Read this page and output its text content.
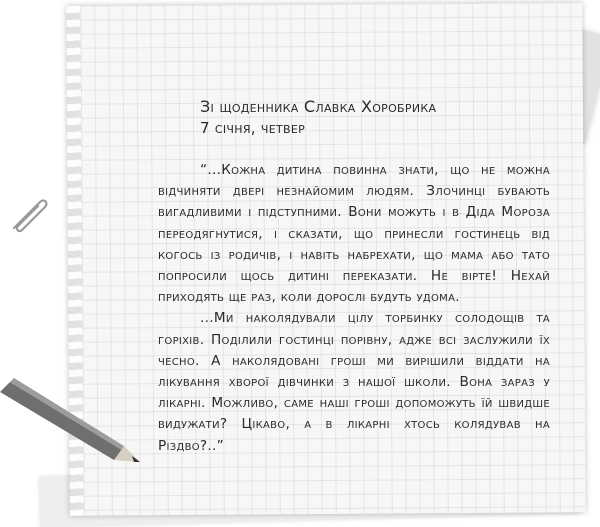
Зі щоденника Славка Хоробрика
7 січня, четвер

“...Кожна дитина повинна знати, що не можна відчиняти двері незнайомим людям. Злочинці бувають вигадливими і підступними. Вони можуть і в Діда Мороза переодягнутися, і сказати, що принесли гостинець від когось із родичів, і навіть набрехати, що мама або тато попросили щось дитині переказати. Не вірте! Нехай приходять ще раз, коли дорослі будуть удома.

...Ми наколядували цілу торбинку солодощів та горіхів. Поділили гостинці порівну, адже всі заслужили їх чесно. А наколядовані гроші ми вирішили віддати на лікування хворої дівчинки з нашої школи. Вона зараз у лікарні. Можливо, саме наші гроші допоможуть їй швидше видужати? Цікаво, а в лікарні хтось колядував на Різдво?..”
